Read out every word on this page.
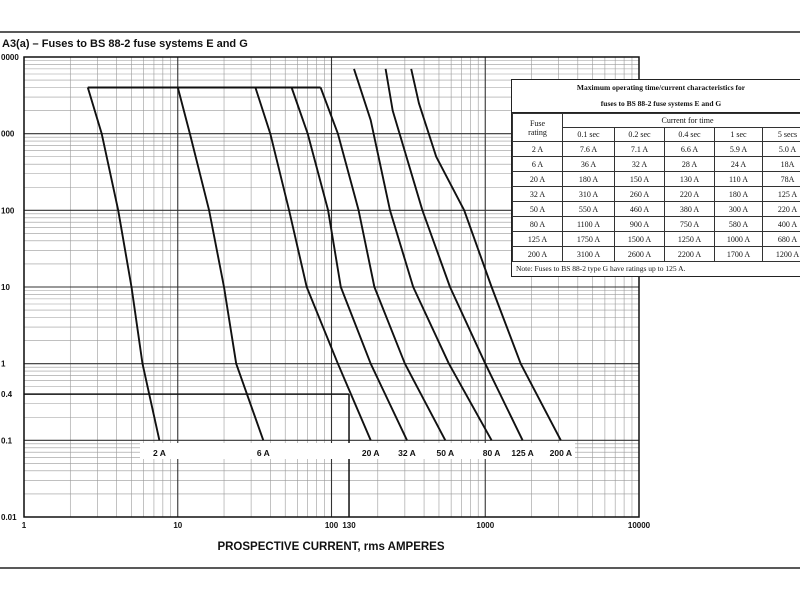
A3(a) – Fuses to BS 88-2 fuse systems E and G
2 A	6 A	20 A 32 A 50 A	80 A 125 A 200 A
0000
000
100
10
1
0.4
0.1
0.01
1	10	100 130	1000	10000
PROSPECTIVE CURRENT, rms AMPERES
Maximum operating time/current characteristics for
fuses to BS 88-2 fuse systems E and G
Fuse
rating	Current for time				
	0.1 sec	0.2 sec	0.4 sec	1 sec	5 secs
2 A	7.6 A	7.1 A	6.6 A	5.9 A	5.0 A
6 A	36 A	32 A	28 A	24 A	18A
20 A	180 A	150 A	130 A	110 A	78A
32 A	310 A	260 A	220 A	180 A	125 A
50 A	550 A	460 A	380 A	300 A	220 A
80 A	1100 A	900 A	750 A	580 A	400 A
125 A	1750 A	1500 A	1250 A	1000 A	680 A
200 A	3100 A	2600 A	2200 A	1700 A	1200 A
Note: Fuses to BS 88-2 type G have ratings up to 125 A.
